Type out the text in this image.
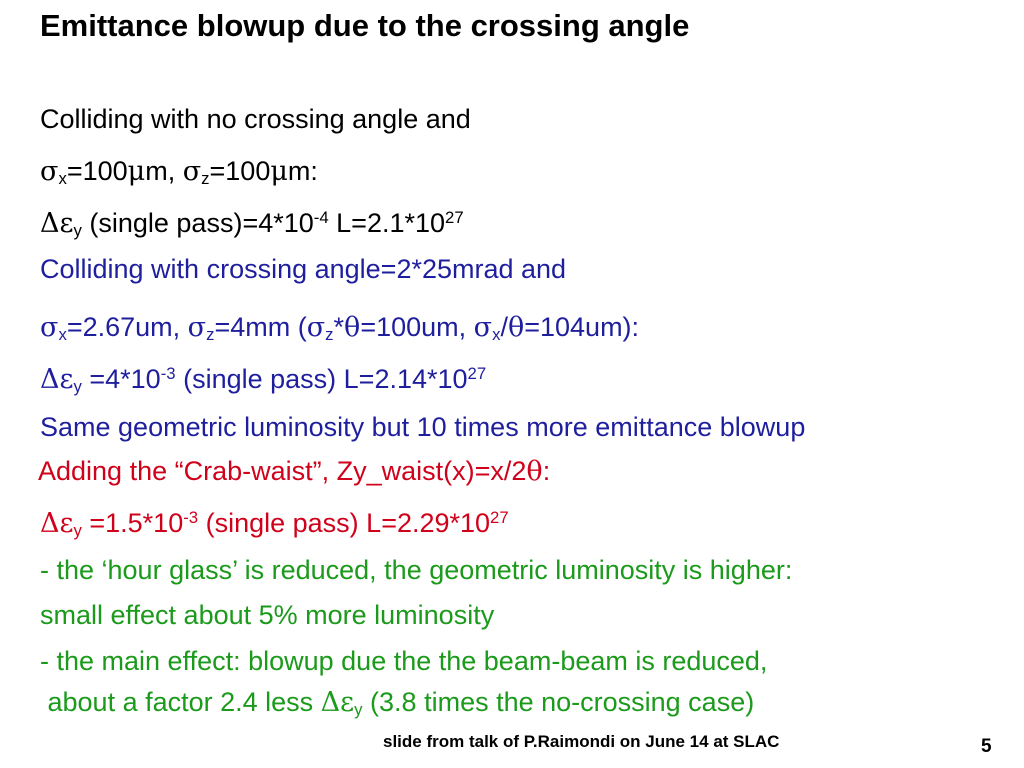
Emittance blowup due to the crossing angle
Colliding with no crossing angle and
$\sigma_x=100\mu m$, $\sigma_z=100\mu m$:
$\Delta\varepsilon_y$ (single $pass)=4*10^{-4}$ $L=2.1*10^{27}$
Colliding with crossing angle=2*25mrad and
$\sigma_x=2.67um$, $\sigma_z=4mm$ ($\sigma_z*\theta=100um$, $\sigma_x/\theta=104um$):
$\Delta\varepsilon_y =4*10^{-3}$ (single pass) $L=2.14*10^{27}$
Same geometric luminosity but 10 times more emittance blowup
Adding the “Crab-waist”, Zy_waist(x)=x/2θ:
$\Delta\varepsilon_y =1.5*10^{-3}$ (single pass) $L=2.29*10^{27}$
- the ‘hour glass’ is reduced, the geometric luminosity is higher:
small effect about 5% more luminosity
- the main effect: blowup due the the beam-beam is reduced,
about a factor 2.4 less $\Delta\varepsilon_y$ (3.8 times the no-crossing case)
slide from talk of P.Raimondi on June 14 at SLAC	5
